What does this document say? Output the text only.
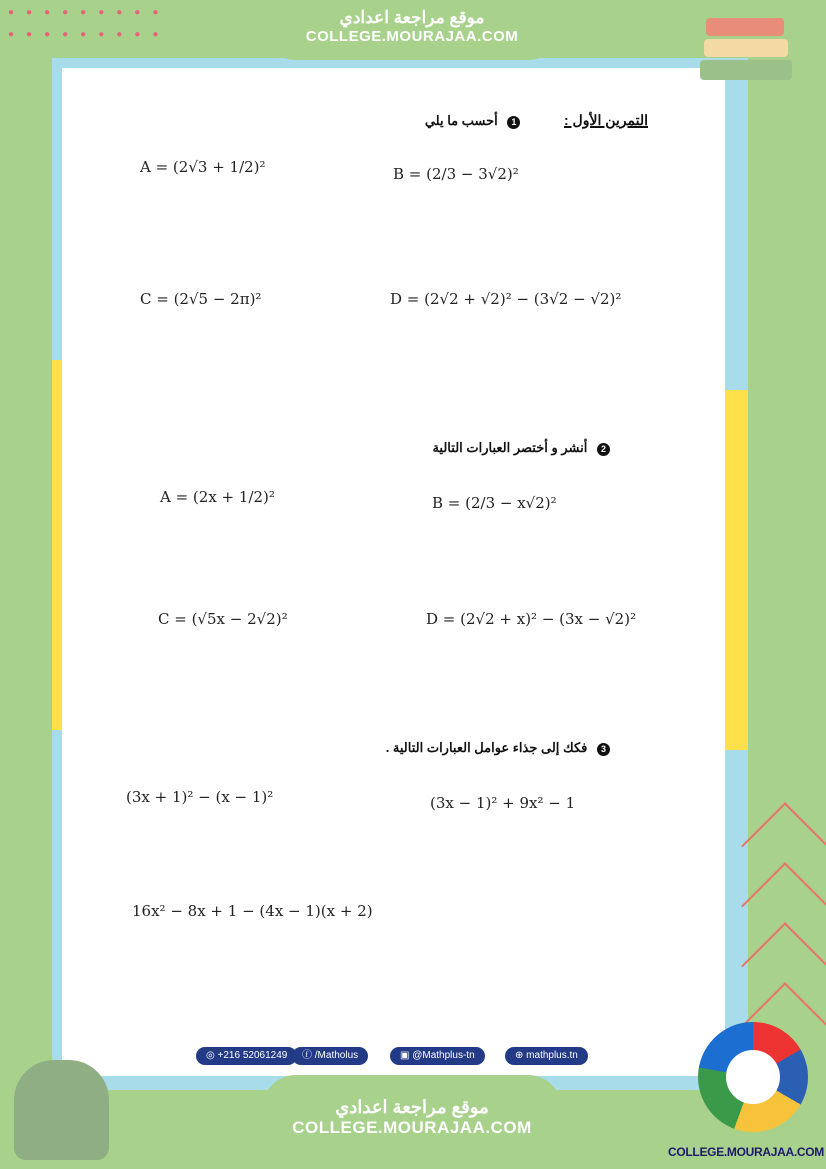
●●●●●●●●●
●●●●●●●●●
موقع مراجعة اعدادي
COLLEGE.MOURAJAA.COM
التمرين الأول : 1 أحسب ما يلي
A = (2√3 + 1/2)²	B = (2/3 − 3√2)²
C = (2√5 − 2π)²	D = (2√2 + √2)² − (3√2 − √2)²
2 أنشر و أختصر العبارات التالية
A = (2x + 1/2)²	B = (2/3 − x√2)²
C = (√5x − 2√2)²	D = (2√2 + x)² − (3x − √2)²
3 فكك إلى جذاء عوامل العبارات التالية .
(3x + 1)² − (x − 1)²	(3x − 1)² + 9x² − 1
16x² − 8x + 1 − (4x − 1)(x + 2)
◎ +216 52061249	ⓕ /Matholus	▣ @Mathplus-tn	⊕ mathplus.tn
موقع مراجعة اعدادي
COLLEGE.MOURAJAA.COM
COLLEGE.MOURAJAA.COM
